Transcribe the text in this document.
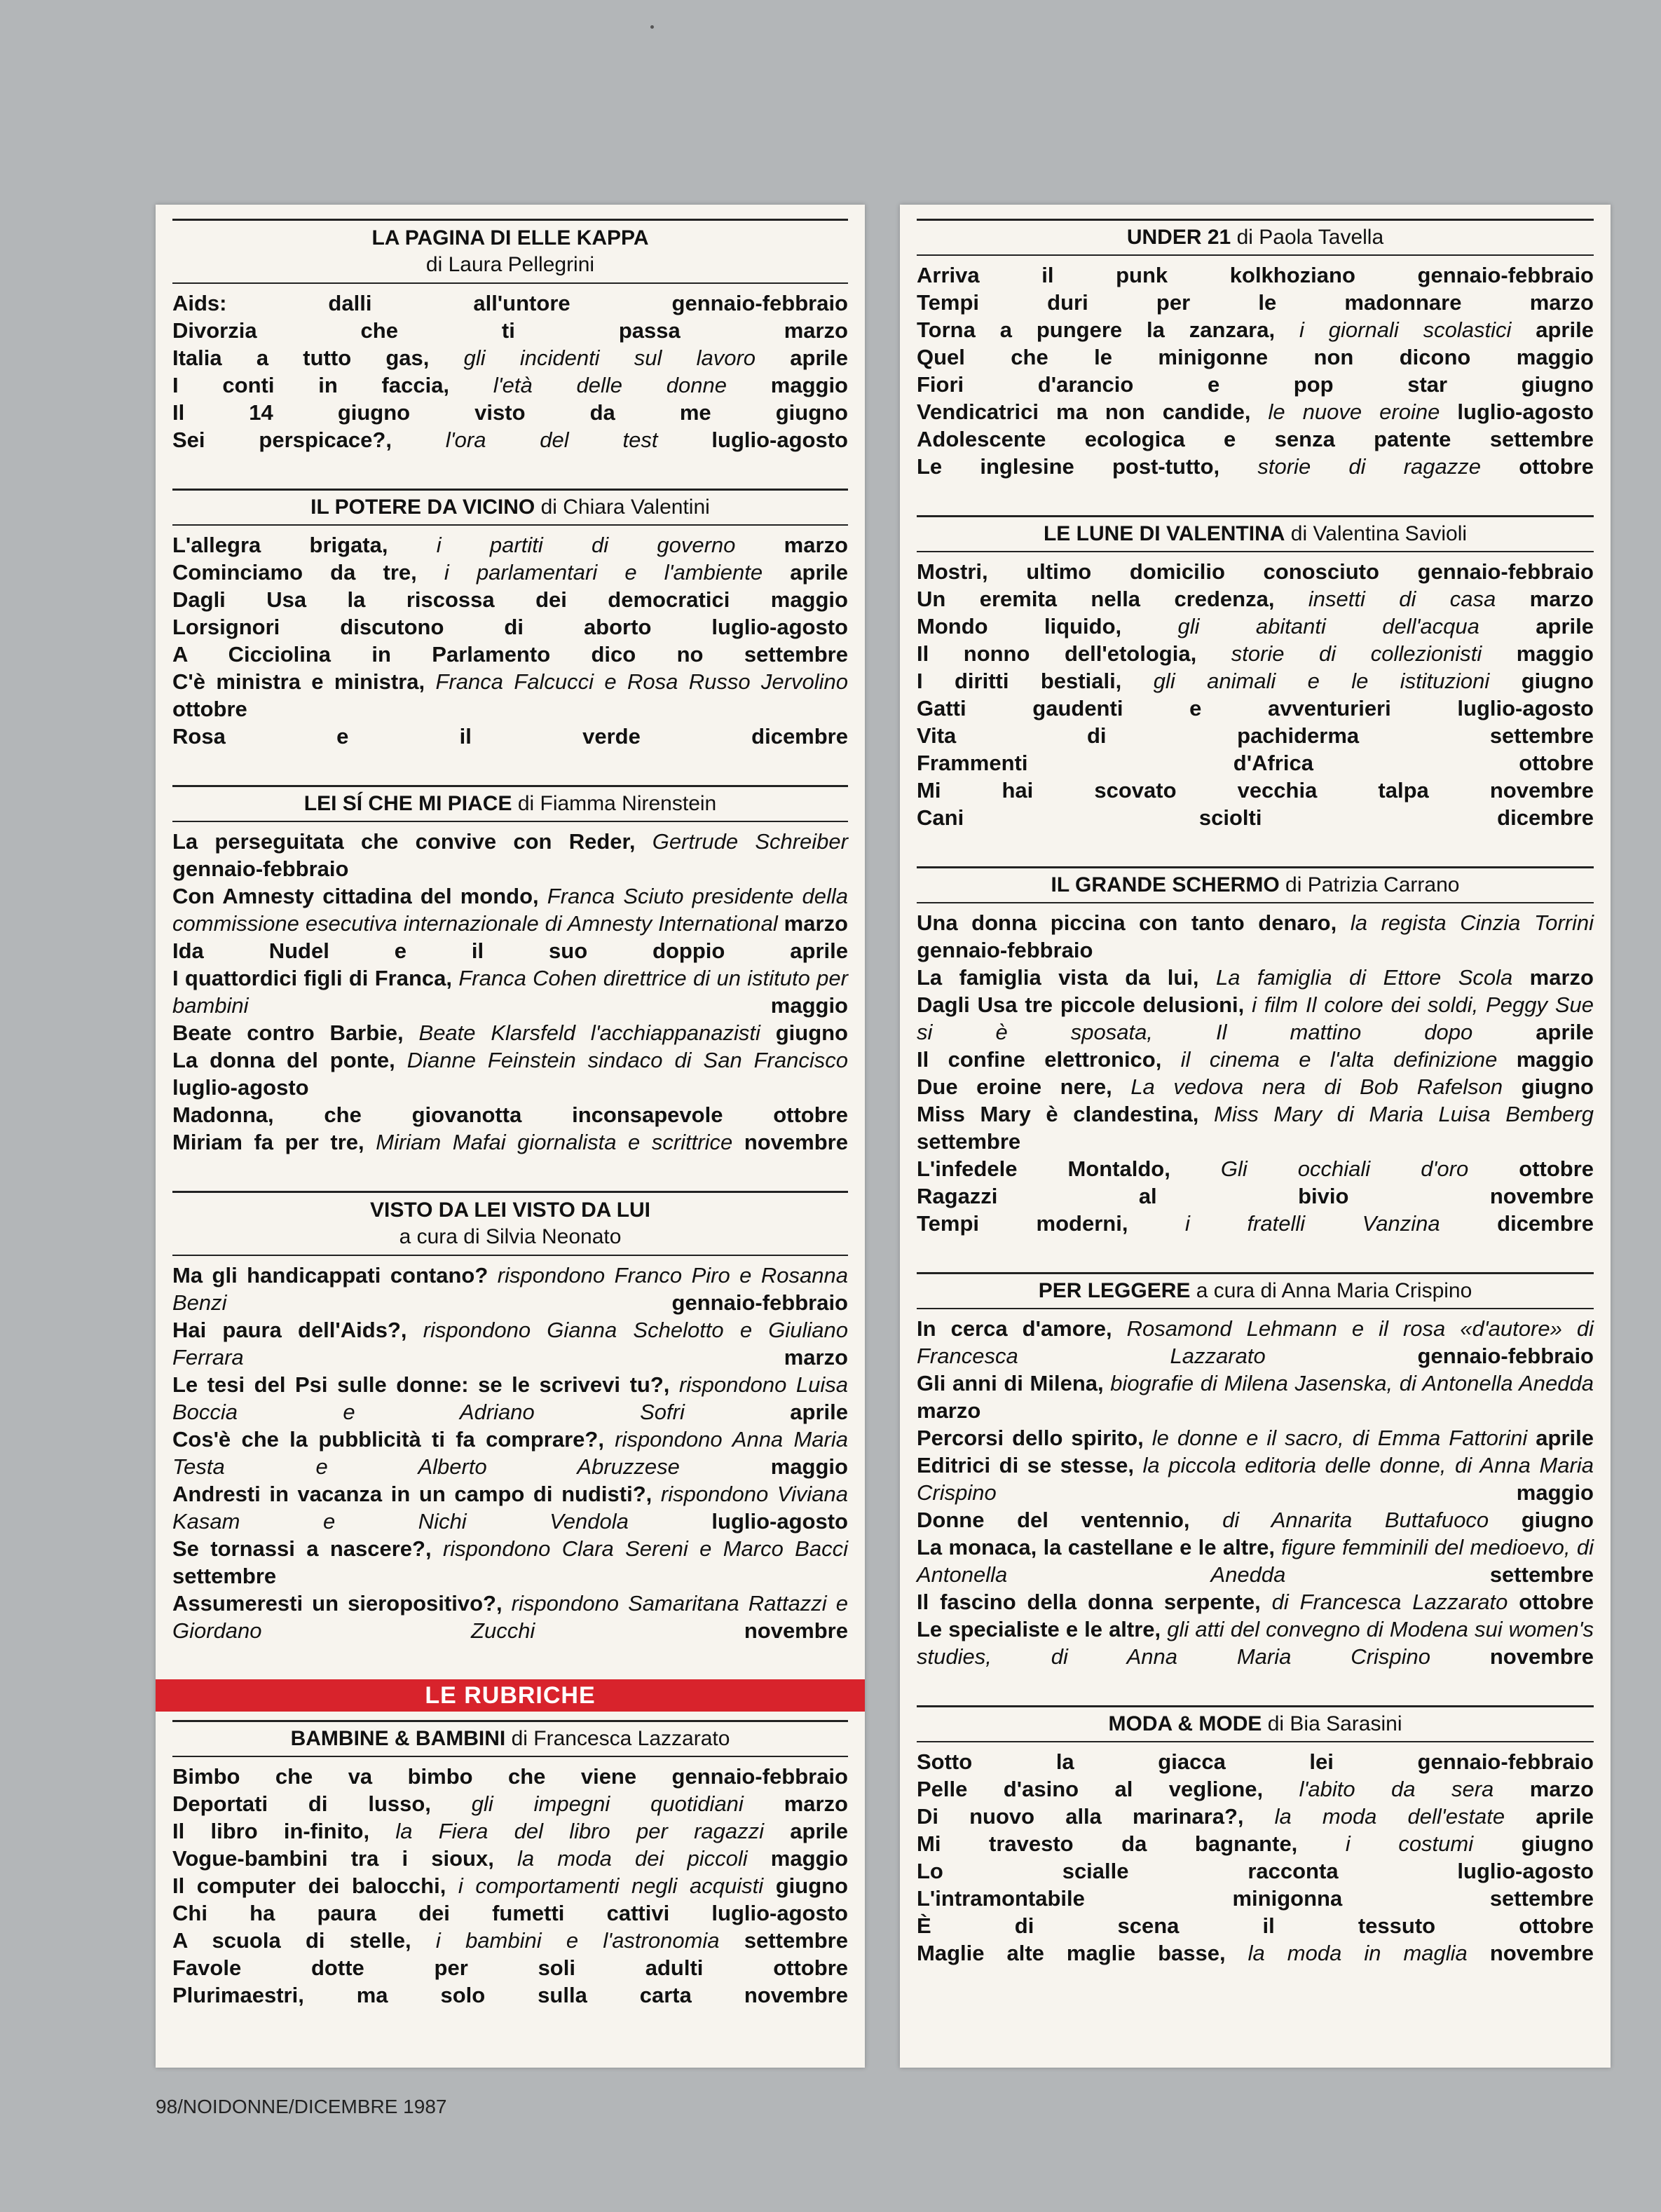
LA PAGINA DI ELLE KAPPA
di Laura Pellegrini
Aids: dalli all'untore	gennaio-febbraio
Divorzia che ti passa	marzo
Italia a tutto gas, gli incidenti sul lavoro aprile
I conti in faccia, l'età delle donne maggio
Il 14 giugno visto da me	giugno
Sei perspicace?, l'ora del test luglio-agosto
IL POTERE DA VICINO di Chiara Valentini
L'allegra brigata, i partiti di governo marzo
Cominciamo da tre, i parlamentari e l'ambiente aprile
Dagli Usa la riscossa dei democratici maggio
Lorsignori discutono di aborto	luglio-agosto
A Cicciolina in Parlamento dico no settembre
C'è ministra e ministra, Franca Falcucci e Rosa Russo Jervolino ottobre
Rosa e il verde	dicembre
LEI SÍ CHE MI PIACE di Fiamma Nirenstein
La perseguitata che convive con Reder, Gertrude Schreiber gennaio-febbraio
Con Amnesty cittadina del mondo, Franca Sciuto presidente della commissione esecutiva internazionale di Amnesty International marzo
Ida Nudel e il suo doppio	aprile
I quattordici figli di Franca, Franca Cohen direttrice di un istituto per bambini	maggio
Beate contro Barbie, Beate Klarsfeld l'acchiappanazisti giugno
La donna del ponte, Dianne Feinstein sindaco di San Francisco luglio-agosto
Madonna, che giovanotta inconsapevole ottobre
Miriam fa per tre, Miriam Mafai giornalista e scrittrice novembre
VISTO DA LEI VISTO DA LUI
a cura di Silvia Neonato
Ma gli handicappati contano? rispondono Franco Piro e Rosanna Benzi	gennaio-febbraio
Hai paura dell'Aids?, rispondono Gianna Schelotto e Giuliano Ferrara	marzo
Le tesi del Psi sulle donne: se le scrivevi tu?, rispondono Luisa Boccia e Adriano Sofri	aprile
Cos'è che la pubblicità ti fa comprare?, rispondono Anna Maria Testa e Alberto Abruzzese	maggio
Andresti in vacanza in un campo di nudisti?, rispondono Viviana Kasam e Nichi Vendola	luglio-agosto
Se tornassi a nascere?, rispondono Clara Sereni e Marco Bacci settembre
Assumeresti un sieropositivo?, rispondono Samaritana Rattazzi e Giordano Zucchi	novembre
LE RUBRICHE
BAMBINE & BAMBINI di Francesca Lazzarato
Bimbo che va bimbo che viene gennaio-febbraio
Deportati di lusso, gli impegni quotidiani marzo
Il libro in-finito, la Fiera del libro per ragazzi aprile
Vogue-bambini tra i sioux, la moda dei piccoli maggio
Il computer dei balocchi, i comportamenti negli acquisti giugno
Chi ha paura dei fumetti cattivi luglio-agosto
A scuola di stelle, i bambini e l'astronomia settembre
Favole dotte per soli adulti	ottobre
Plurimaestri, ma solo sulla carta novembre
UNDER 21 di Paola Tavella
Arriva il punk kolkhoziano	gennaio-febbraio
Tempi duri per le madonnare	marzo
Torna a pungere la zanzara, i giornali scolastici aprile
Quel che le minigonne non dicono maggio
Fiori d'arancio e pop star	giugno
Vendicatrici ma non candide, le nuove eroine luglio-agosto
Adolescente ecologica e senza patente settembre
Le inglesine post-tutto, storie di ragazze ottobre
LE LUNE DI VALENTINA di Valentina Savioli
Mostri, ultimo domicilio conosciuto gennaio-febbraio
Un eremita nella credenza, insetti di casa marzo
Mondo liquido,	gli abitanti dell'acqua	aprile
Il nonno dell'etologia, storie di collezionisti maggio
I diritti bestiali, gli animali e le istituzioni giugno
Gatti gaudenti e avventurieri	luglio-agosto
Vita di pachiderma	settembre
Frammenti d'Africa	ottobre
Mi hai scovato vecchia talpa	novembre
Cani sciolti	dicembre
IL GRANDE SCHERMO di Patrizia Carrano
Una donna piccina con tanto denaro, la regista Cinzia Torrini gennaio-febbraio
La famiglia vista da lui, La famiglia di Ettore Scola marzo
Dagli Usa tre piccole delusioni, i film Il colore dei soldi, Peggy Sue si è sposata, Il mattino dopo	aprile
Il confine elettronico, il cinema e l'alta definizione maggio
Due eroine nere, La vedova nera di Bob Rafelson giugno
Miss Mary è clandestina, Miss Mary di Maria Luisa Bemberg settembre
L'infedele Montaldo, Gli occhiali d'oro ottobre
Ragazzi al bivio	novembre
Tempi moderni,	i fratelli Vanzina	dicembre
PER LEGGERE a cura di Anna Maria Crispino
In cerca d'amore, Rosamond Lehmann e il rosa «d'autore» di Francesca Lazzarato	gennaio-febbraio
Gli anni di Milena, biografie di Milena Jasenska, di Antonella Anedda marzo
Percorsi dello spirito, le donne e il sacro, di Emma Fattorini aprile
Editrici di se stesse, la piccola editoria delle donne, di Anna Maria Crispino	maggio
Donne del ventennio, di Annarita Buttafuoco giugno
La monaca, la castellane e le altre, figure femminili del medioevo, di Antonella Anedda	settembre
Il fascino della donna serpente, di Francesca Lazzarato ottobre
Le specialiste e le altre, gli atti del convegno di Modena sui women's studies, di Anna Maria Crispino	novembre
MODA & MODE di Bia Sarasini
Sotto la giacca lei	gennaio-febbraio
Pelle d'asino al veglione, l'abito da sera marzo
Di nuovo alla marinara?, la moda dell'estate aprile
Mi travesto da bagnante, i costumi giugno
Lo scialle racconta	luglio-agosto
L'intramontabile minigonna	settembre
È di scena il tessuto	ottobre
Maglie alte maglie basse, la moda in maglia novembre
98/NOIDONNE/DICEMBRE 1987
